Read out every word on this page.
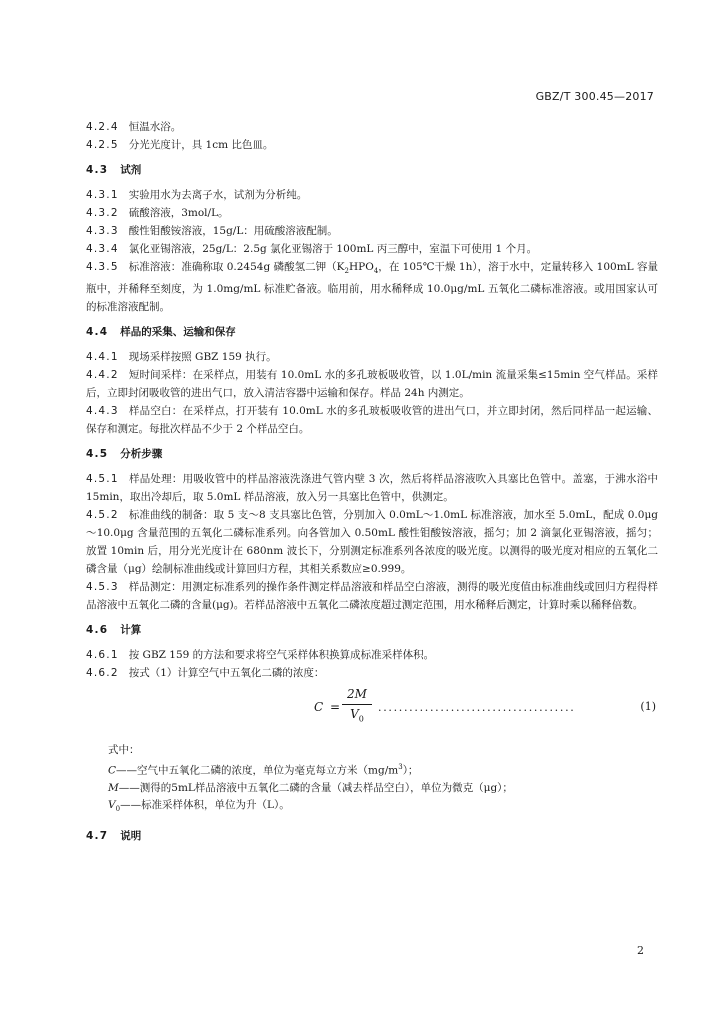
GBZ/T 300.45—2017
4.2.4 恒温水浴。
4.2.5 分光光度计，具 1cm 比色皿。
4.3 试剂
4.3.1 实验用水为去离子水，试剂为分析纯。
4.3.2 硫酸溶液，3mol/L。
4.3.3 酸性钼酸铵溶液，15g/L：用硫酸溶液配制。
4.3.4 氯化亚锡溶液，25g/L：2.5g 氯化亚锡溶于 100mL 丙三醇中，室温下可使用 1 个月。
4.3.5 标准溶液：准确称取 0.2454g 磷酸氢二钾（$K_2HPO_4$，在 105℃干燥 1h），溶于水中，定量转移入 100mL 容量瓶中，并稀释至刻度，为 1.0mg/mL 标准贮备液。临用前，用水稀释成 10.0μg/mL 五氧化二磷标准溶液。或用国家认可的标准溶液配制。
4.4 样品的采集、运输和保存
4.4.1 现场采样按照 GBZ 159 执行。
4.4.2 短时间采样：在采样点，用装有 10.0mL 水的多孔玻板吸收管，以 1.0L/min 流量采集≤15min 空气样品。采样后，立即封闭吸收管的进出气口，放入清洁容器中运输和保存。样品 24h 内测定。
4.4.3 样品空白：在采样点，打开装有 10.0mL 水的多孔玻板吸收管的进出气口，并立即封闭，然后同样品一起运输、保存和测定。每批次样品不少于 2 个样品空白。
4.5 分析步骤
4.5.1 样品处理：用吸收管中的样品溶液洗涤进气管内壁 3 次，然后将样品溶液吹入具塞比色管中。盖塞，于沸水浴中 15min，取出冷却后，取 5.0mL 样品溶液，放入另一具塞比色管中，供测定。
4.5.2 标准曲线的制备：取 5 支～8 支具塞比色管，分别加入 0.0mL～1.0mL 标准溶液，加水至 5.0mL，配成 0.0μg～10.0μg 含量范围的五氧化二磷标准系列。向各管加入 0.50mL 酸性钼酸铵溶液，摇匀；加 2 滴氯化亚锡溶液，摇匀；放置 10min 后，用分光光度计在 680nm 波长下，分别测定标准系列各浓度的吸光度。以测得的吸光度对相应的五氧化二磷含量（μg）绘制标准曲线或计算回归方程，其相关系数应≥0.999。
4.5.3 样品测定：用测定标准系列的操作条件测定样品溶液和样品空白溶液，测得的吸光度值由标准曲线或回归方程得样品溶液中五氧化二磷的含量(μg)。若样品溶液中五氧化二磷浓度超过测定范围，用水稀释后测定，计算时乘以稀释倍数。
4.6 计算
4.6.1 按 GBZ 159 的方法和要求将空气采样体积换算成标准采样体积。
4.6.2 按式（1）计算空气中五氧化二磷的浓度：
$C = \frac{2M}{V_0}$ ......................................	(1)
式中：
C——空气中五氧化二磷的浓度，单位为毫克每立方米$(mg/m^3)$；
M——测得的5mL样品溶液中五氧化二磷的含量（减去样品空白），单位为微克（μg）；
$V_0——$标准采样体积，单位为升（L）。
4.7 说明
2
